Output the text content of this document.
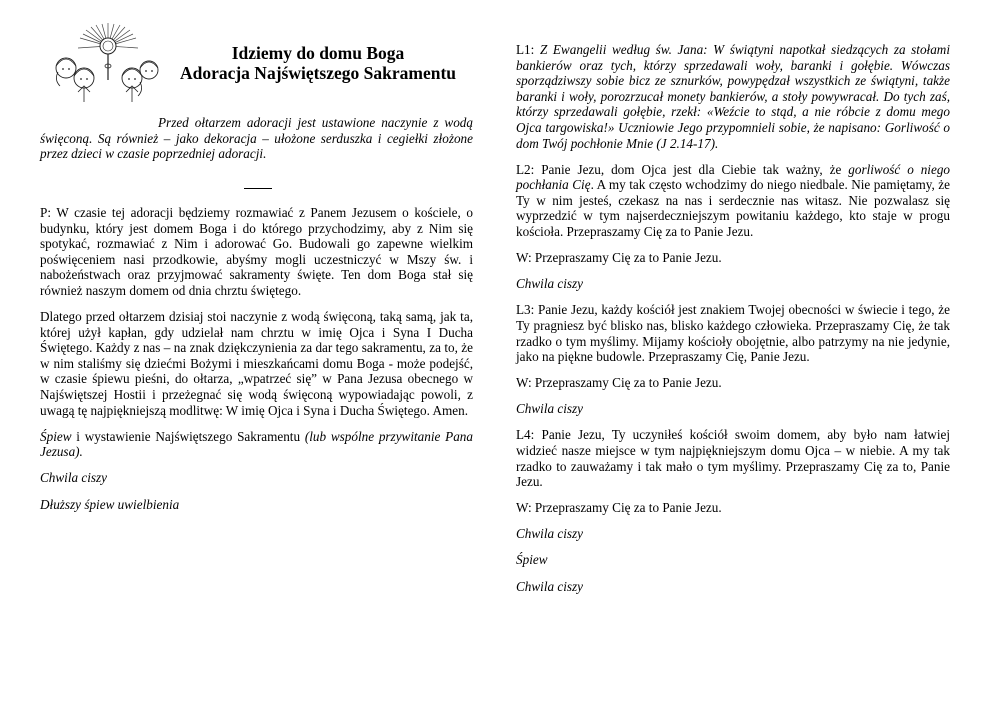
Idziemy do domu Boga
Adoracja Najświętszego Sakramentu

Przed ołtarzem adoracji jest ustawione naczynie z wodą święconą. Są również – jako dekoracja – ułożone serduszka i cegiełki złożone przez dzieci w czasie poprzedniej adoracji.

P: W czasie tej adoracji będziemy rozmawiać z Panem Jezusem o kościele, o budynku, który jest domem Boga i do którego przychodzimy, aby z Nim się spotykać, rozmawiać z Nim i adorować Go. Budowali go zapewne wielkim poświęceniem nasi przodkowie, abyśmy mogli uczestniczyć w Mszy św. i nabożeństwach oraz przyjmować sakramenty święte. Ten dom Boga stał się również naszym domem od dnia chrztu świętego.

Dlatego przed ołtarzem dzisiaj stoi naczynie z wodą święconą, taką samą, jak ta, której użył kapłan, gdy udzielał nam chrztu w imię Ojca i Syna I Ducha Świętego. Każdy z nas – na znak dziękczynienia za dar tego sakramentu, za to, że w nim staliśmy się dziećmi Bożymi i mieszkańcami domu Boga - może podejść, w czasie śpiewu pieśni, do ołtarza, „wpatrzeć się” w Pana Jezusa obecnego w Najświętszej Hostii i przeżegnać się wodą święconą wypowiadając powoli, z uwagą tę najpiękniejszą modlitwę: W imię Ojca i Syna i Ducha Świętego. Amen.

Śpiew i wystawienie Najświętszego Sakramentu (lub wspólne przywitanie Pana Jezusa).

Chwila ciszy

Dłuższy śpiew uwielbienia

L1: Z Ewangelii według św. Jana: W świątyni napotkał siedzących za stołami bankierów oraz tych, którzy sprzedawali woły, baranki i gołębie. Wówczas sporządziwszy sobie bicz ze sznurków, powypędzał wszystkich ze świątyni, także baranki i woły, porozrzucał monety bankierów, a stoły powywracał. Do tych zaś, którzy sprzedawali gołębie, rzekł: «Weźcie to stąd, a nie róbcie z domu mego Ojca targowiska!» Uczniowie Jego przypomnieli sobie, że napisano: Gorliwość o dom Twój pochłonie Mnie (J 2.14-17).

L2: Panie Jezu, dom Ojca jest dla Ciebie tak ważny, że gorliwość o niego pochłania Cię. A my tak często wchodzimy do niego niedbale. Nie pamiętamy, że Ty w nim jesteś, czekasz na nas i serdecznie nas witasz. Nie pozwalasz się wyprzedzić w tym najserdeczniejszym powitaniu każdego, kto staje w progu kościoła. Przepraszamy Cię za to Panie Jezu.

W: Przepraszamy Cię za to Panie Jezu.

Chwila ciszy

L3: Panie Jezu, każdy kościół jest znakiem Twojej obecności w świecie i tego, że Ty pragniesz być blisko nas, blisko każdego człowieka. Przepraszamy Cię, że tak rzadko o tym myślimy. Mijamy kościoły obojętnie, albo patrzymy na nie jedynie, jako na piękne budowle. Przepraszamy Cię, Panie Jezu.

W: Przepraszamy Cię za to Panie Jezu.

Chwila ciszy

L4: Panie Jezu, Ty uczyniłeś kościół swoim domem, aby było nam łatwiej widzieć nasze miejsce w tym najpiękniejszym domu Ojca – w niebie. A my tak rzadko to zauważamy i tak mało o tym myślimy. Przepraszamy Cię za to, Panie Jezu.

W: Przepraszamy Cię za to Panie Jezu.

Chwila ciszy

Śpiew

Chwila ciszy
